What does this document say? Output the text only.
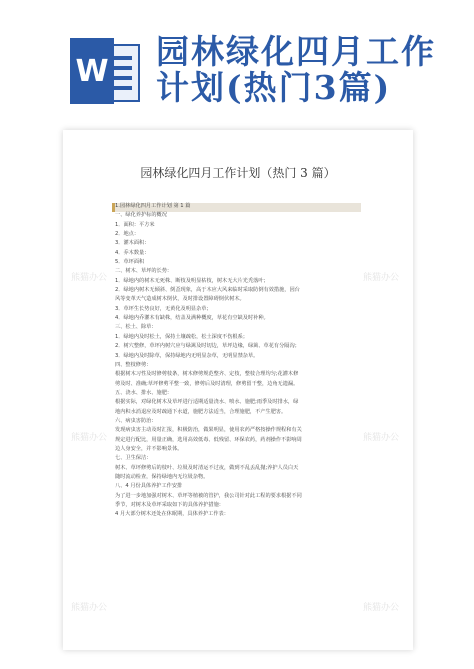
W 园林绿化四月工作
计划(热门3篇)
园林绿化四月工作计划（热门 3 篇）

1.园林绿化四月工作计划 第 1 篇

一、绿化养护标的概况

1．面积：平方米

2．地点：

3．灌木面积：

4．乔木数量：

5．草坪面积

二、树木、草坪的长势：

1．绿地内的树木无死株、断枝及明显枯枝，树木无大片光秃落叶；

2．绿地内树木无倾斜、倒歪现象，高于木应大风来临时采取防倒有效措施，因台

风等变革天气造成树木倒伏，及时排设置障碍倒伏树木。

3．草坪生长势良好，无黄化及明显杂草；

4．绿地内乔灌木有缺株，结盖及满种概度，草花有空缺及时补种。

三、松土、除草：

1．绿地内及时松土，保持土壤疏松，松土深度不伤根系；

2．树穴整修，草坪内树穴应与绿篱及时切边，草坪边缘，绿篱、草花有分隔沟；

3．绿地内及时除草，保持绿地内无明显杂草，无明显禁杂草。

四、整枝修剪：

根据树木习性及时修剪枝条，树木修剪规范整齐、定枝，整枝合理均匀;花灌木修

剪及时、准确;草坪修剪平整一致，修剪后及时清理，修剪留干整，边角无遗漏。

五、浇水、排水、施肥：

根据实际，对绿化树木及草坪进行适期适量浇水、喷水、施肥;雨季及时排水，绿

地内积水消退应及时疏通下水道，施肥方法适当，合理施肥，不产生肥害。

六、病虫害防治：

发现病虫害主动及时汇报，积极防治，做果明显，使用农药严格按操作规程和有关

规定进行配比，用量正确，选用高效低毒、低残留、环保农药，药剂操作不影响周

边人身安全，并不影响景体。

七、卫生保洁：

树木、草坪修剪后的枝叶、垃圾及时清运不过夜，做到不乱丢乱抛;养护人员白天

随时流动检查，保持绿地内无垃圾杂物。

八、4 月份具体养护工作安排

为了进一步地加强对树木、草坪等植被的管护，我公司针对此工程的要求根据不同

季节，对树木及草坪采取如下的具体养护措施：

4 月大部分树木还处在休眠期，具体养护工作表：

熊猫办公	熊猫办公
熊猫办公	熊猫办公
熊猫办公	熊猫办公
